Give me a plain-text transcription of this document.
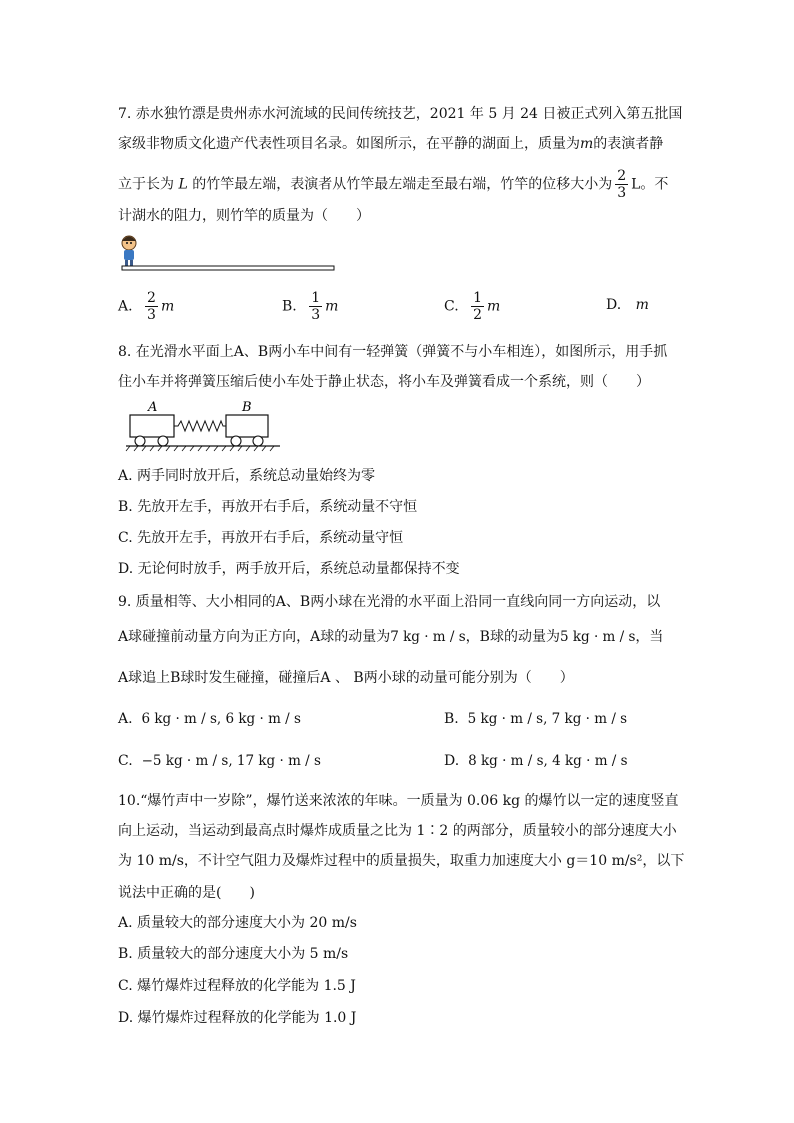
7. 赤水独竹漂是贵州赤水河流域的民间传统技艺，2021 年 5 月 24 日被正式列入第五批国
家级非物质文化遗产代表性项目名录。如图所示，在平静的湖面上，质量为m的表演者静
立于长为 L 的竹竿最左端，表演者从竹竿最左端走至最右端，竹竿的位移大小为 $\frac{2}{3}$ L。不
计湖水的阻力，则竹竿的质量为（　　）
A. $\frac{2}{3}$ m	B. $\frac{1}{3}$ m	C. $\frac{1}{2}$ m	D. m
8. 在光滑水平面上A、B两小车中间有一轻弹簧（弹簧不与小车相连），如图所示，用手抓
住小车并将弹簧压缩后使小车处于静止状态，将小车及弹簧看成一个系统，则（　　）
A	B
A. 两手同时放开后，系统总动量始终为零
B. 先放开左手，再放开右手后，系统动量不守恒
C. 先放开左手，再放开右手后，系统动量守恒
D. 无论何时放手，两手放开后，系统总动量都保持不变
9. 质量相等、大小相同的A、B两小球在光滑的水平面上沿同一直线向同一方向运动，以
A球碰撞前动量方向为正方向，A球的动量为7 kg · m / s，B球的动量为5 kg · m / s，当
A球追上B球时发生碰撞，碰撞后A 、 B两小球的动量可能分别为（　　）
A. 6 kg · m / s, 6 kg · m / s	B. 5 kg · m / s, 7 kg · m / s
C. −5 kg · m / s, 17 kg · m / s	D. 8 kg · m / s, 4 kg · m / s
10.“爆竹声中一岁除”，爆竹送来浓浓的年味。一质量为 0.06 kg 的爆竹以一定的速度竖直
向上运动，当运动到最高点时爆炸成质量之比为 1∶2 的两部分，质量较小的部分速度大小
为 10 m/s，不计空气阻力及爆炸过程中的质量损失，取重力加速度大小 g＝10 m/s²，以下
说法中正确的是(　　)
A. 质量较大的部分速度大小为 20 m/s
B. 质量较大的部分速度大小为 5 m/s
C. 爆竹爆炸过程释放的化学能为 1.5 J
D. 爆竹爆炸过程释放的化学能为 1.0 J
